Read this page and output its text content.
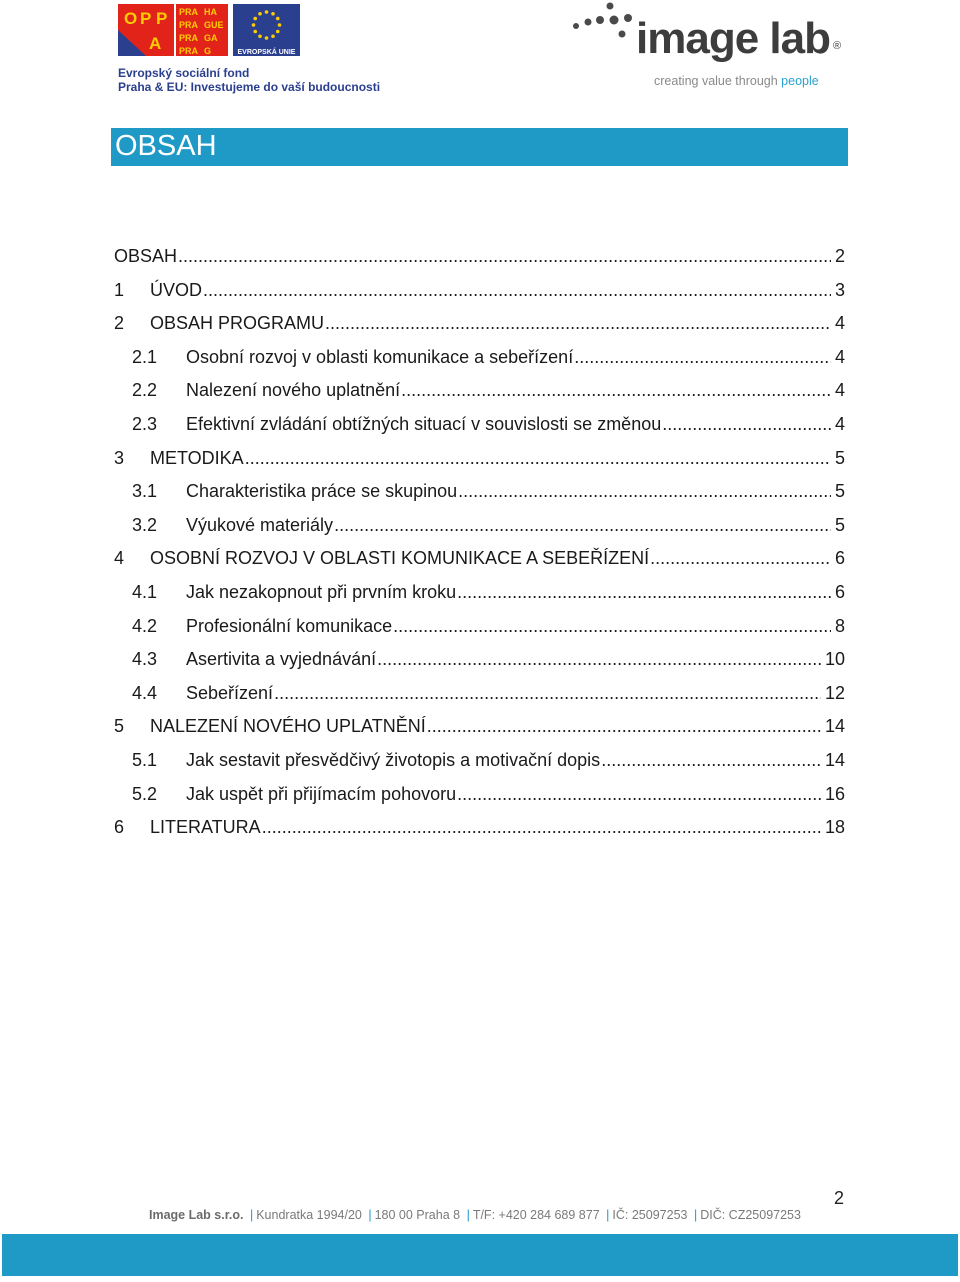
O P P
A
PRA HA
PRA GUE
PRA GA
PRA G	EVROPSKÁ UNIE
Evropský sociální fond
Praha & EU: Investujeme do vaší budoucnosti
image lab ®
creating value through people
OBSAH
OBSAH .....	2
1	ÚVOD .....	3
2	OBSAH PROGRAMU .....	4
2.1	Osobní rozvoj v oblasti komunikace a sebeřízení .....	4
2.2	Nalezení nového uplatnění .....	4
2.3	Efektivní zvládání obtížných situací v souvislosti se změnou .....	4
3	METODIKA .....	5
3.1	Charakteristika práce se skupinou .....	5
3.2	Výukové materiály .....	5
4	OSOBNÍ ROZVOJ V OBLASTI KOMUNIKACE A SEBEŘÍZENÍ .....	6
4.1	Jak nezakopnout při prvním kroku .....	6
4.2	Profesionální komunikace .....	8
4.3	Asertivita a vyjednávání .....	10
4.4	Sebeřízení .....	12
5	NALEZENÍ NOVÉHO UPLATNĚNÍ .....	14
5.1	Jak sestavit přesvědčivý životopis a motivační dopis .....	14
5.2	Jak uspět při přijímacím pohovoru .....	16
6	LITERATURA .....	18
2
Image Lab s.r.o. | Kundratka 1994/20 | 180 00 Praha 8 | T/F: +420 284 689 877 | IČ: 25097253 | DIČ: CZ25097253
